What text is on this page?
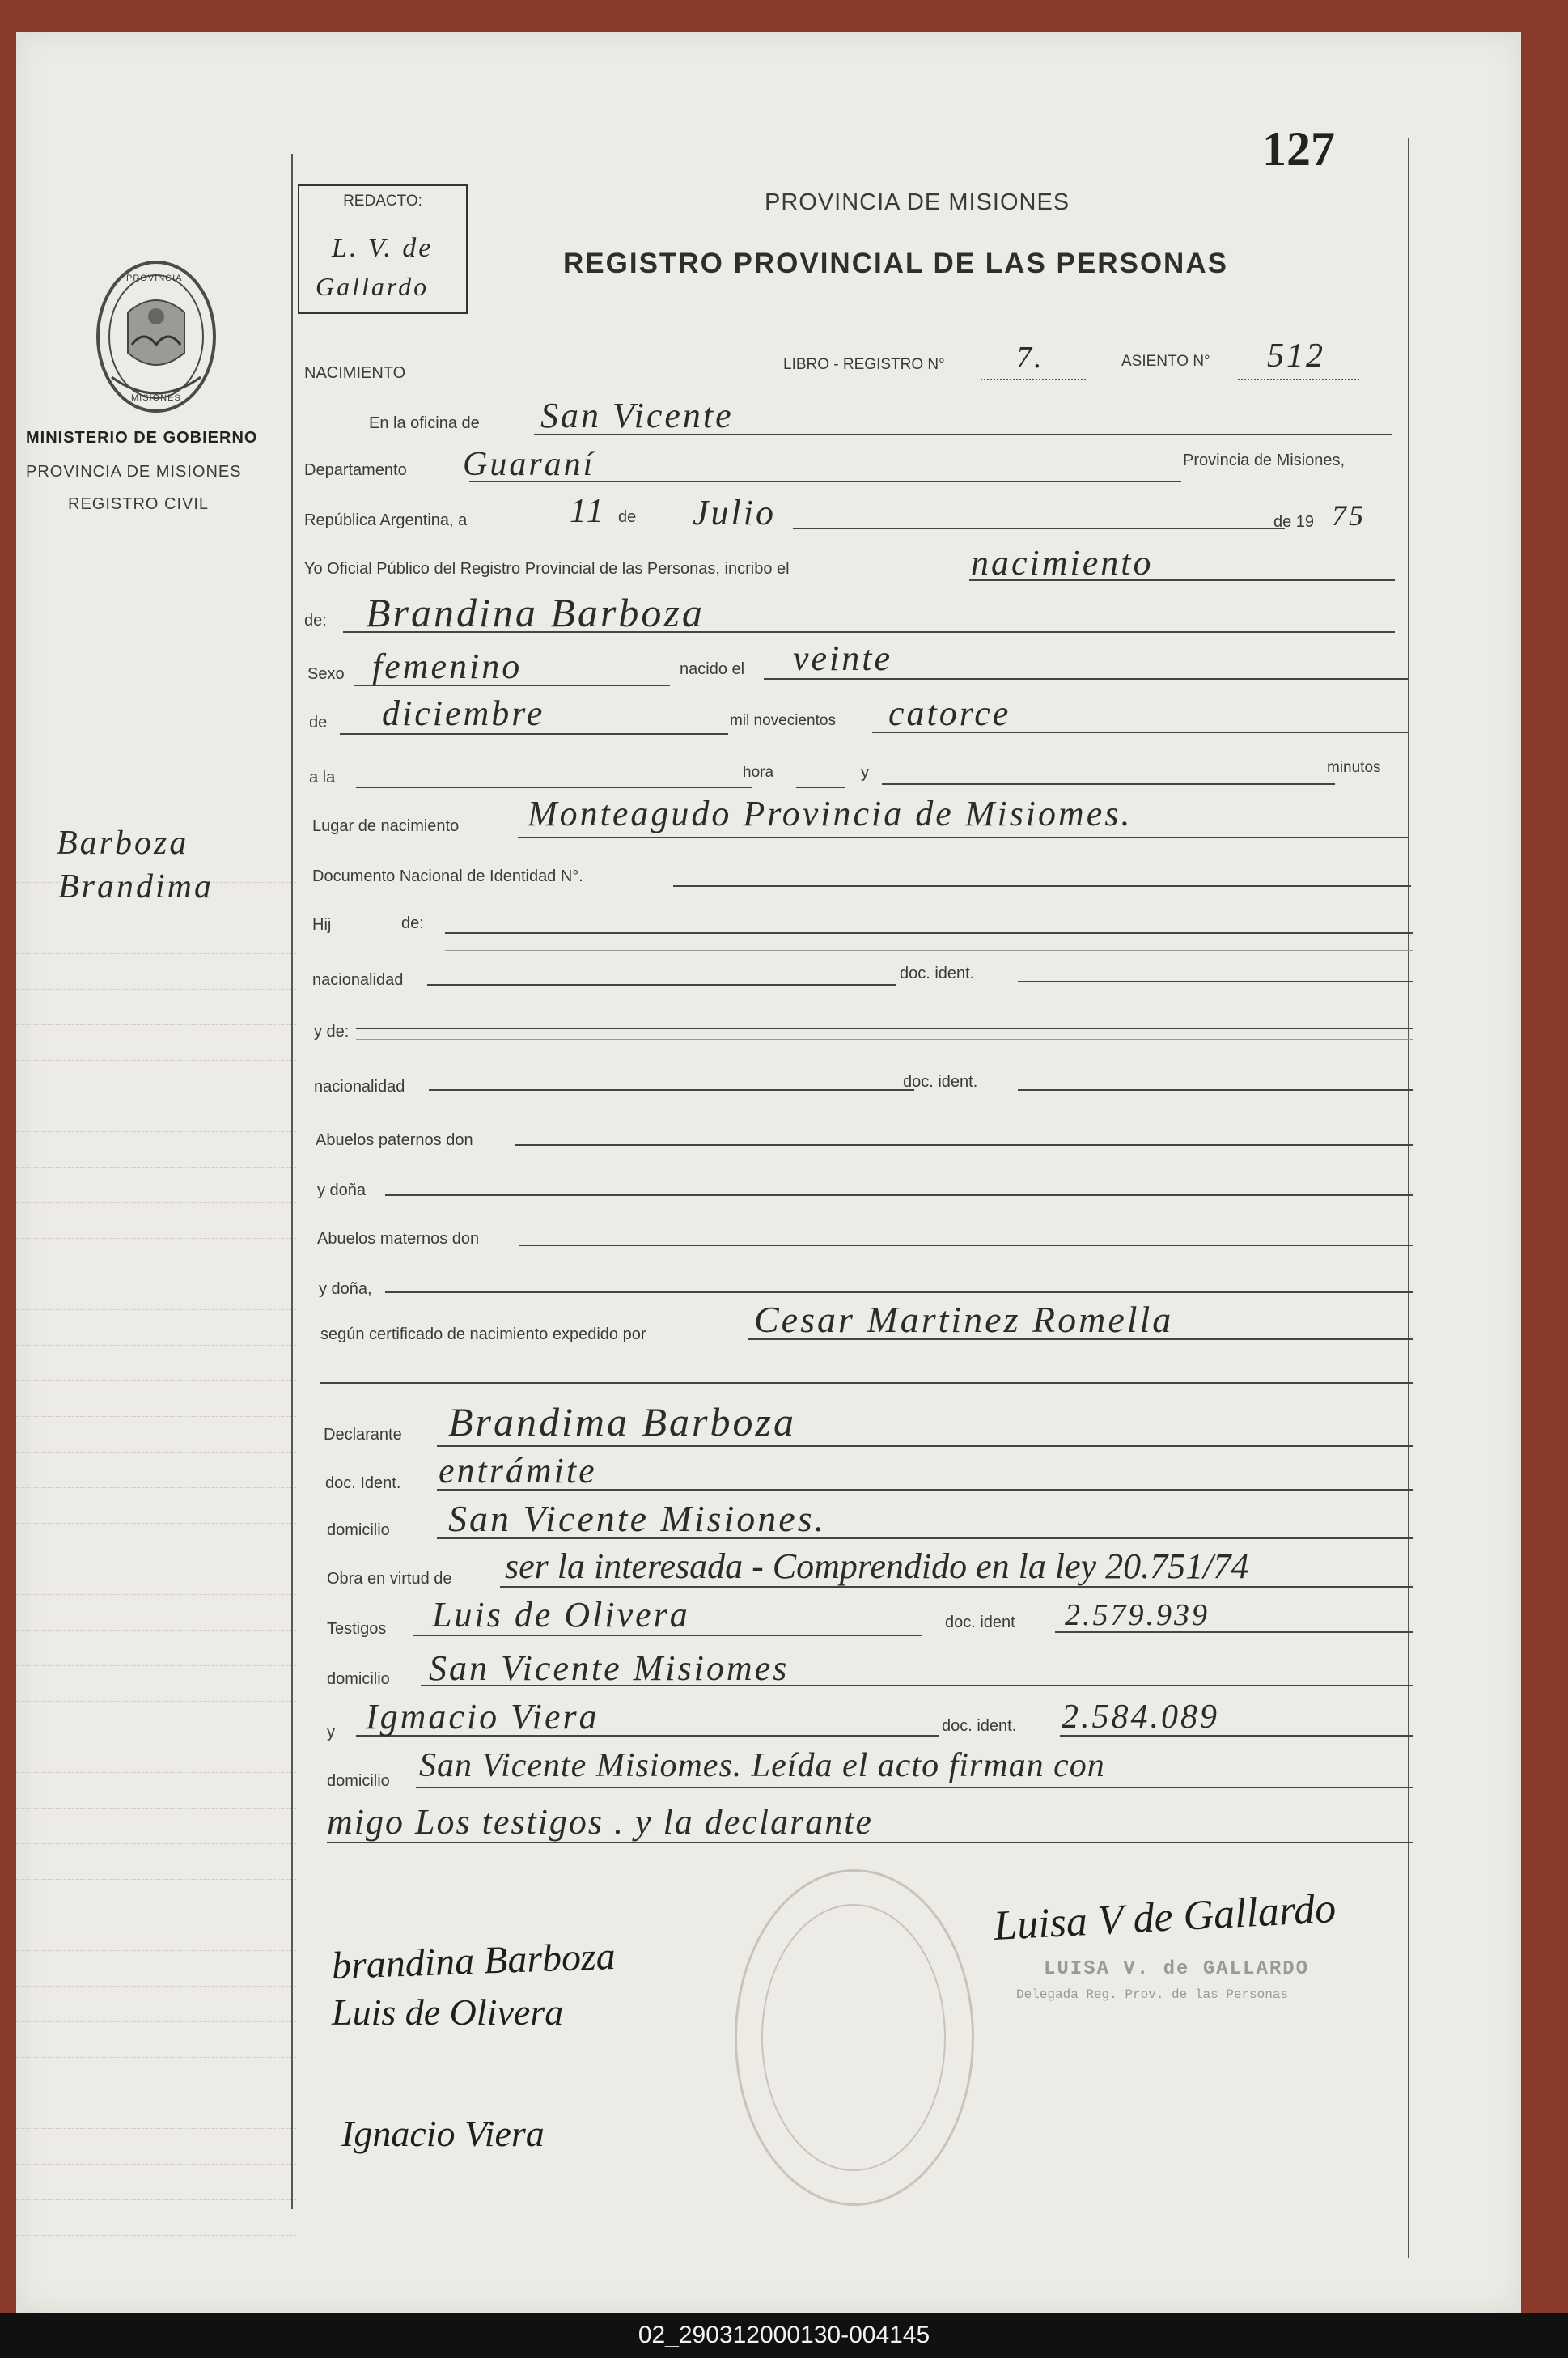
127
REDACTO:
L. V. de
Gallardo
PROVINCIA DE MISIONES
REGISTRO PROVINCIAL DE LAS PERSONAS
PROVINCIA
MISIONES
MINISTERIO DE GOBIERNO
PROVINCIA DE MISIONES
REGISTRO CIVIL
Barboza
Brandima
NACIMIENTO	LIBRO - REGISTRO N° 7.	ASIENTO N° 512
En la oficina de San Vicente
Departamento Guaraní	Provincia de Misiones,
República Argentina, a	11 de Julio	de 19 75
Yo Oficial Público del Registro Provincial de las Personas, incribo el	nacimiento
de: Brandina Barboza
Sexo femenino	nacido el veinte
de diciembre	mil novecientos catorce
a la	hora	y	minutos
Lugar de nacimiento Monteagudo Provincia de Misiomes.
Documento Nacional de Identidad N°.
Hij	de:
nacionalidad	doc. ident.
y de:
nacionalidad	doc. ident.
Abuelos paternos don
y doña
Abuelos maternos don
y doña,
según certificado de nacimiento expedido por	Cesar Martinez Romella
Declarante Brandima Barboza
doc. Ident. entrámite
domicilio San Vicente Misiones.
Obra en virtud de ser la interesada - Comprendido en la ley 20.751/74
Testigos Luis de Olivera	doc. ident 2.579.939
domicilio San Vicente Misiomes
y Igmacio Viera	doc. ident. 2.584.089
domicilio San Vicente Misiomes. Leída el acto firman con
migo Los testigos . y la declarante
Luisa V de Gallardo
LUISA V. de GALLARDO
Delegada Reg. Prov. de las Personas
brandina Barboza
Luis de Olivera
Ignacio Viera
02_290312000130-004145
